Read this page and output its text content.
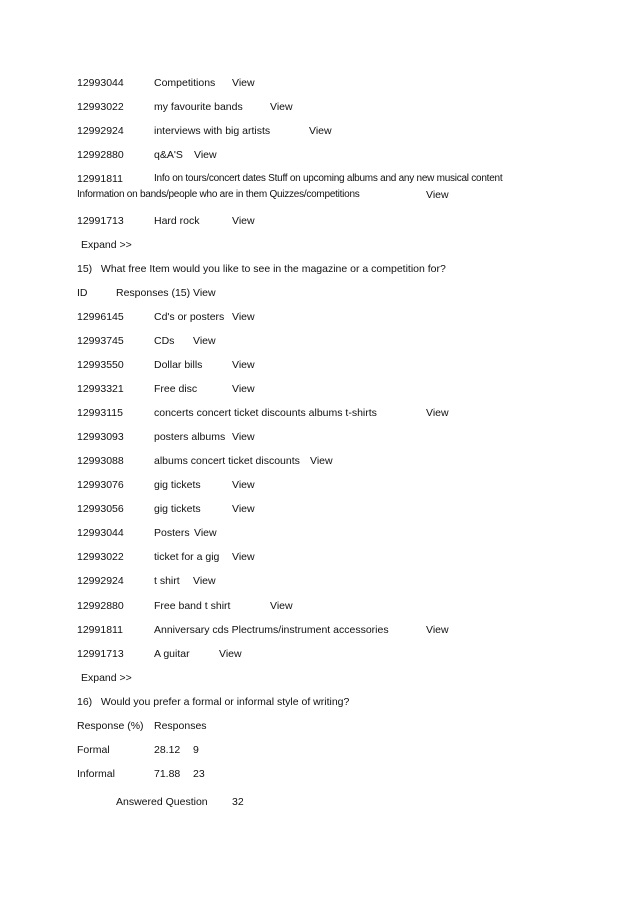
12993044	Competitions View
12993022	my favourite bands	View
12992924	interviews with big artists	View
12992880	q&A'S View
12991811	Info on tours/concert dates Stuff on upcoming albums and any new musical content
Information on bands/people who are in them Quizzes/competitions	View
12991713	Hard rock	View
Expand >>
15)   What free Item would you like to see in the magazine or a competition for?
ID	Responses (15) View
12996145	Cd's or posters View
12993745	CDs View
12993550	Dollar bills	View
12993321	Free disc	View
12993115	concerts concert ticket discounts albums t-shirts	View
12993093	posters albums View
12993088	albums concert ticket discounts View
12993076	gig tickets	View
12993056	gig tickets	View
12993044	Posters View
12993022	ticket for a gig View
12992924	t shirt View
12992880	Free band t shirt	View
12991811	Anniversary cds Plectrums/instrument accessories	View
12991713	A guitar	View
Expand >>
16)   Would you prefer a formal or informal style of writing?
Response (%) Responses
Formal	28.12 9
Informal	71.88 23
Answered Question 32
